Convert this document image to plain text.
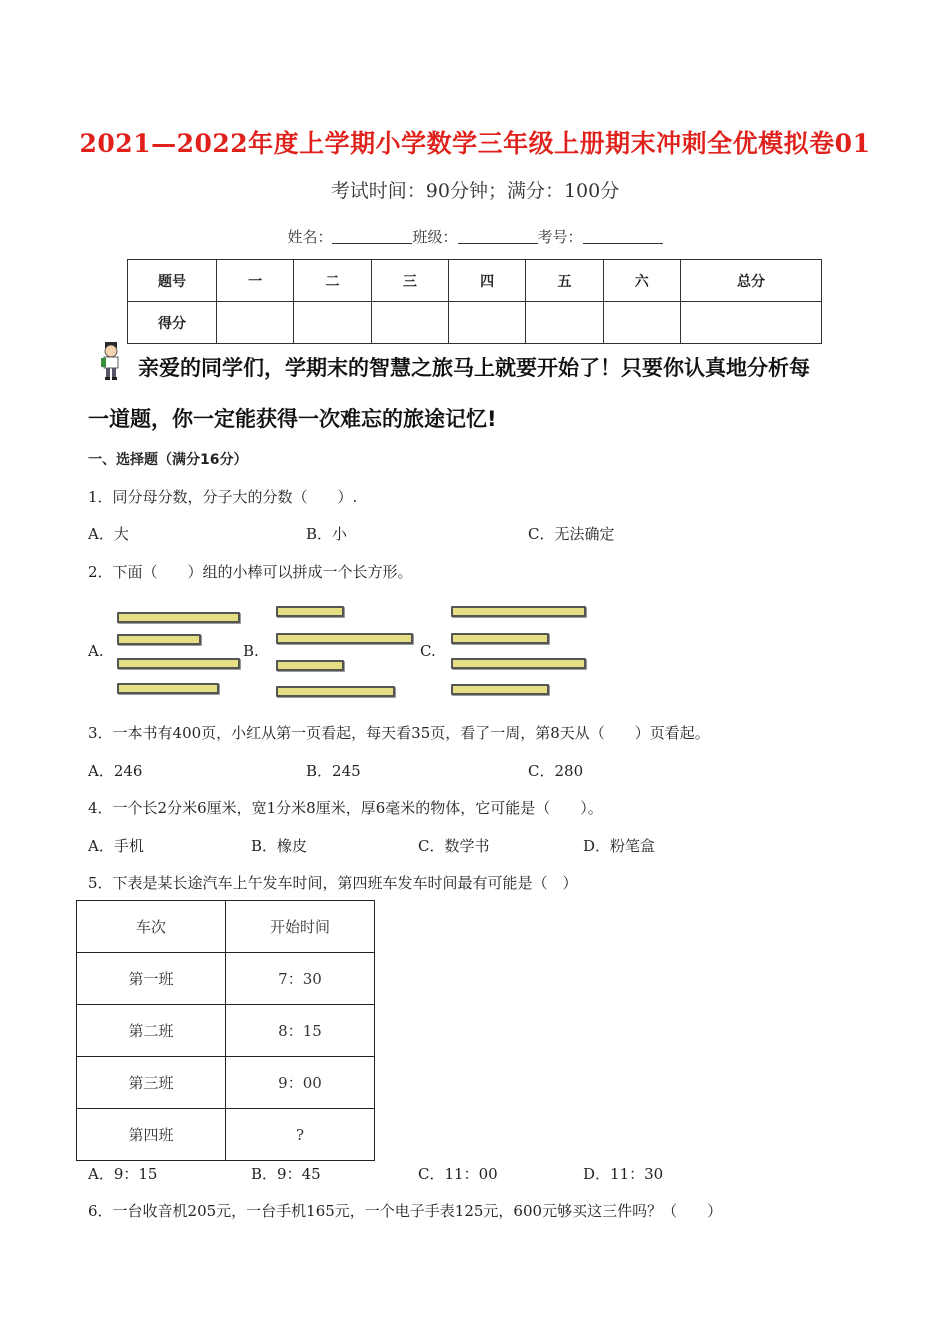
2021—2022年度上学期小学数学三年级上册期末冲刺全优模拟卷01
考试时间：90分钟；满分：100分
姓名：	班级：	考号：
题号	一	二	三	四	五	六	总分
得分							
亲爱的同学们，学期末的智慧之旅马上就要开始了！只要你认真地分析每
一道题，你一定能获得一次难忘的旅途记忆!
一、选择题（满分16分）
1．同分母分数，分子大的分数（　　）.
A．大	B．小	C．无法确定
2．下面（　　）组的小棒可以拼成一个长方形。
A.	B.	C.
3．一本书有400页，小红从第一页看起，每天看35页，看了一周，第8天从（　　）页看起。
A．246	B．245	C．280
4．一个长2分米6厘米，宽1分米8厘米，厚6毫米的物体，它可能是（　　）。
A．手机	B．橡皮	C．数学书	D．粉笔盒
5．下表是某长途汽车上午发车时间，第四班车发车时间最有可能是（　）
车次	开始时间
第一班	7：30
第二班	8：15
第三班	9：00
第四班	?
A．9：15	B．9：45	C．11：00	D．11：30
6．一台收音机205元，一台手机165元，一个电子手表125元，600元够买这三件吗？（　　）
